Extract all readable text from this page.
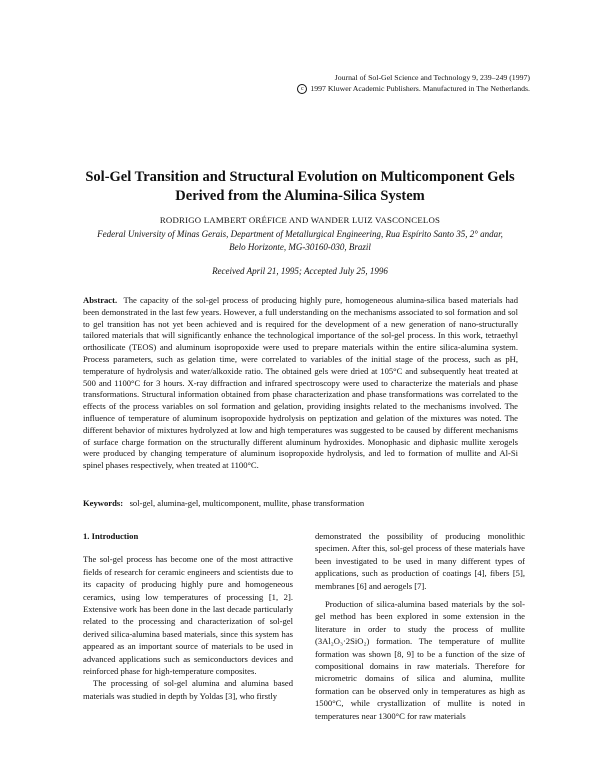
Journal of Sol-Gel Science and Technology 9, 239–249 (1997)
c 1997 Kluwer Academic Publishers. Manufactured in The Netherlands.
Sol-Gel Transition and Structural Evolution on Multicomponent Gels
Derived from the Alumina-Silica System
RODRIGO LAMBERT ORÉFICE AND WANDER LUIZ VASCONCELOS
Federal University of Minas Gerais, Department of Metallurgical Engineering, Rua Espírito Santo 35, 2° andar,
Belo Horizonte, MG-30160-030, Brazil
Received April 21, 1995; Accepted July 25, 1996
Abstract. The capacity of the sol-gel process of producing highly pure, homogeneous alumina-silica based materials had been demonstrated in the last few years. However, a full understanding on the mechanisms associated to sol formation and sol to gel transition has not yet been achieved and is required for the development of a new generation of nano-structurally tailored materials that will significantly enhance the technological importance of the sol-gel process. In this work, tetraethyl orthosilicate (TEOS) and aluminum isopropoxide were used to prepare materials within the entire silica-alumina system. Process parameters, such as gelation time, were correlated to variables of the initial stage of the process, such as pH, temperature of hydrolysis and water/alkoxide ratio. The obtained gels were dried at 105°C and subsequently heat treated at 500 and 1100°C for 3 hours. X-ray diffraction and infrared spectroscopy were used to characterize the materials and phase transformations. Structural information obtained from phase characterization and phase transformations was correlated to the effects of the process variables on sol formation and gelation, providing insights related to the mechanisms involved. The influence of temperature of aluminum isopropoxide hydrolysis on peptization and gelation of the mixtures was noted. The different behavior of mixtures hydrolyzed at low and high temperatures was suggested to be caused by different mechanisms of surface charge formation on the structurally different aluminum hydroxides. Monophasic and diphasic mullite xerogels were produced by changing temperature of aluminum isopropoxide hydrolysis, and led to formation of mullite and Al-Si spinel phases respectively, when treated at 1100°C.
Keywords: sol-gel, alumina-gel, multicomponent, mullite, phase transformation

1. Introduction

The sol-gel process has become one of the most attractive fields of research for ceramic engineers and scientists due to its capacity of producing highly pure and homogeneous ceramics, using low temperatures of processing [1, 2]. Extensive work has been done in the last decade particularly related to the processing and characterization of sol-gel derived silica-alumina based materials, since this system has appeared as an important source of materials to be used in advanced applications such as semiconductors devices and reinforced phase for high-temperature composites.

The processing of sol-gel alumina and alumina based materials was studied in depth by Yoldas [3], who firstly

demonstrated the possibility of producing monolithic specimen. After this, sol-gel process of these materials have been investigated to be used in many different types of applications, such as production of coatings [4], fibers [5], membranes [6] and aerogels [7].

Production of silica-alumina based materials by the sol-gel method has been explored in some extension in the literature in order to study the process of mullite (3Al₂O₃·2SiO₂) formation. The temperature of mullite formation was shown [8, 9] to be a function of the size of compositional domains in raw materials. Therefore for micrometric domains of silica and alumina, mullite formation can be observed only in temperatures as high as 1500°C, while crystallization of mullite is noted in temperatures near 1300°C for raw materials
